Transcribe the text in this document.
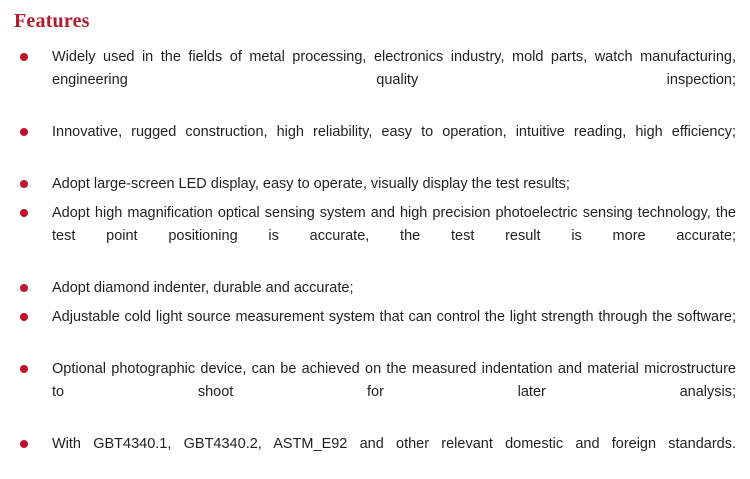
Features
Widely used in the fields of metal processing, electronics industry, mold parts, watch manufacturing, engineering quality inspection;
Innovative, rugged construction, high reliability, easy to operation, intuitive reading, high efficiency;
Adopt large-screen LED display, easy to operate, visually display the test results;
Adopt high magnification optical sensing system and high precision photoelectric sensing technology, the test point positioning is accurate, the test result is more accurate;
Adopt diamond indenter, durable and accurate;
Adjustable cold light source measurement system that can control the light strength through the software;
Optional photographic device, can be achieved on the measured indentation and material microstructure to shoot for later analysis;
With GBT4340.1, GBT4340.2, ASTM_E92 and other relevant domestic and foreign standards.
